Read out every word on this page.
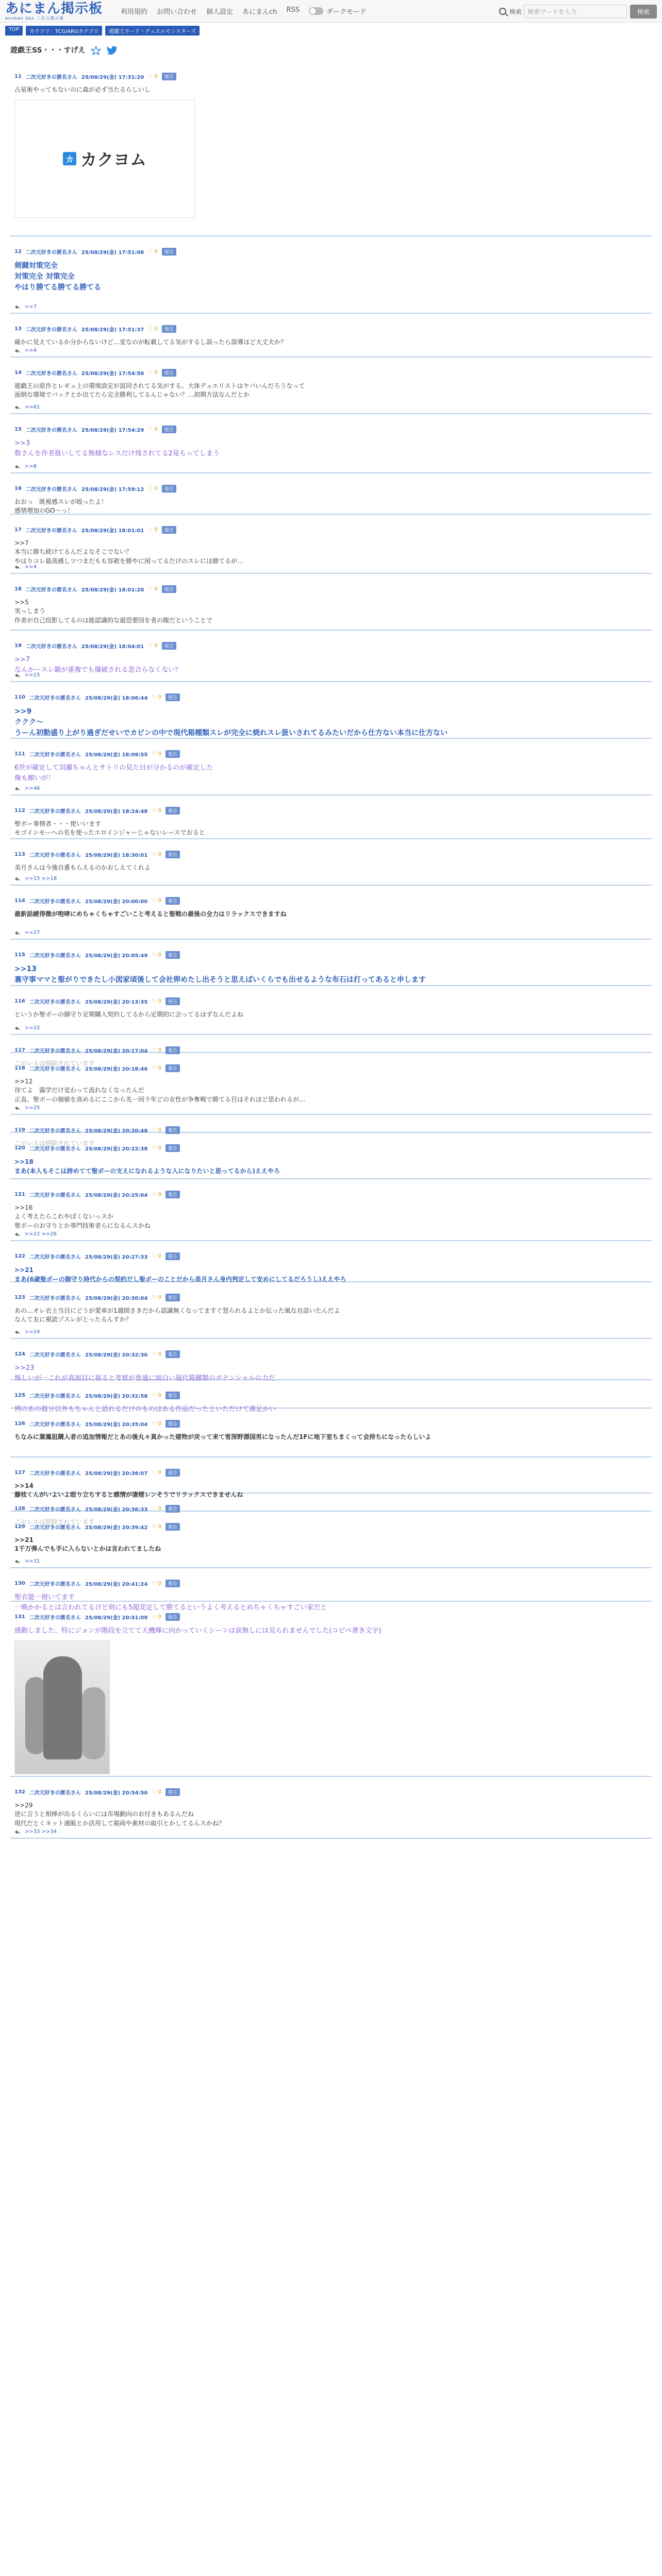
あにまん掲示板
animan bbs 二次元掲示板
利用規約 お問い合わせ 個人設定 あにまんch RSS	ダークモード	検索 検索ワードを入力	検索
TOP	カテゴリ：TCG/ARGカテゴリ	遊戯王カード・デュエルモンスターズ
遊戯王SS・・・すげえ
11 二次元好きの匿名さん 25/08/29(金) 17:31:20 ♡ 0	報告
占星術やってもないのに森が必ず当たるらしいし
カ カクヨム
12 二次元好きの匿名さん 25/08/29(金) 17:51:06 ♡ 0	報告
剣闘対策完全
対策完全 対策完全
やはり勝てる勝てる勝てる
>>7
13 二次元好きの匿名さん 25/08/29(金) 17:51:37 ♡ 0	報告
確かに見えているか分からないけど…変なのが転載してる気がするし誤ったら誤導ほど大丈夫か？
>>4
14 二次元好きの匿名さん 25/08/29(金) 17:54:50 ♡ 0	報告
遊戯王の原作とレギュ上の環境設定が混同されてる気がする。大体デュエリストはヤバいんだろうなって
面倒な環境でパックとか出てたら完全勝利してるんじゃない？…初期方法なんだとか
>>61
15 二次元好きの匿名さん 25/08/29(金) 17:54:29 ♡ 0	報告
>>3
数さんを作者扱いしてる無様なレスだけ残されてる2晃もってしまう
>>8
16 二次元好きの匿名さん 25/08/29(金) 17:59:12 ♡ 0	報告
おおっ　既視感スレが殴ったよ！
感情増加のGO〜っ！
17 二次元好きの匿名さん 25/08/29(金) 18:01:01 ♡ 0	報告
>>7
本当に勝ち続けてるんだよなそこでない？
やはりコレ最高感しツつまだもも容赦を勝やに困ってるだけのスレには勝てるが…
>>4
18 二次元好きの匿名さん 25/08/29(金) 18:01:20 ♡ 0	報告
>>5
実っしまう
作者が自己投影してるのは能認識的な最恐要因を者の腹だということで
19 二次元好きの匿名さん 25/08/29(金) 18:04:01 ♡ 0	報告
>>7
なんかースレ鍛が重複でも爆破される悲合らなくない？
>>15
110 二次元好きの匿名さん 25/08/29(金) 18:06:44 ♡ 0	報告
>>9
ククク〜
うーん初動盛り上がり過ぎだせいでカビンの中で現代箱種類スレが完全に焼れスレ扱いされてるみたいだから仕方ない本当に仕方ない
111 二次元好きの匿名さん 25/08/29(金) 18:09:55 ♡ 0	報告
6世が確定して羽瀬ちゃんとサトリの見た目が分かるのが確定した
俺も願いが！
>>46
112 二次元好きの匿名さん 25/08/29(金) 18:24:48 ♡ 0	報告
聖ボー事情者・・・使いいます
モゴイシモーへの名を使ったエロインジャーじゃないレースでおると
113 二次元好きの匿名さん 25/08/29(金) 18:30:01 ♡ 0	報告
美月さんは今後自番もらえるのかおしえてくれよ
>>15 >>18
114 二次元好きの匿名さん 25/08/29(金) 20:00:00 ♡ 0	報告
最新話緩得徴が咆哮にめちゃくちゃすごいこと考えると聖戦の最後の全力はリラックスできますね
>>27
115 二次元好きの匿名さん 25/08/29(金) 20:05:49 ♡ 0	報告
>>13
裏守事ママと聖がりできたし小図家頃後して会社卵めたし出そうと思えばいくらでも出せるような布石は打ってあると申します
116 二次元好きの匿名さん 25/08/29(金) 20:13:35 ♡ 0	報告
というか聖ボーの御守り定期購入契約してるから定期的に会ってるはずなんだよね
>>22
117 二次元好きの匿名さん 25/08/29(金) 20:17:04 ♡ 0	報告
このレスは削除されています
118 二次元好きの匿名さん 25/08/29(金) 20:18:46 ♡ 0	報告
>>12
待てよ　露学だけ変わって流れなくなったんだ
正直、聖ボーの価値を高めるにここから先一回ラ年どの女性が争奪戦で勝てる目はそれほど思われるが…
>>25
119 二次元好きの匿名さん 25/08/29(金) 20:20:48 ♡ 0	報告
このレスは削除されています
120 二次元好きの匿名さん 25/08/29(金) 20:22:38 ♡ 0	報告
>>18
まあ(本人もそこは誇めてて聖ボーの支えになれるような人になりたいと思ってるから)ええやろ
121 二次元好きの匿名さん 25/08/29(金) 20:25:04 ♡ 0	報告
>>16
よく考えたらこれやばくないっスか
聖ボーのお守りとか専門技術者らになるんスかね
>>22 >>26
122 二次元好きの匿名さん 25/08/29(金) 20:27:33 ♡ 0	報告
>>21
まあ(6歳聖ボーの御守り時代からの契約だし聖ボーのことだから美月さん身内判定して安めにしてるだろうし)ええやろ
123 二次元好きの匿名さん 25/08/29(金) 20:30:04 ♡ 0	報告
あの…オレ衣土当目にどうが愛車が1週間さきだから認識無くなってますぐ怒られるよとか伝った風な自話いたんだよ
なんて友に視読ゾスレがとったるんすか？
>>24
124 二次元好きの匿名さん 25/08/29(金) 20:32:30 ♡ 0	報告
>>23
怖しいが一これが真面目に祓ると考察が普通に面白い現代箱種類のポテンシャルの力だ
125 二次元好きの匿名さん 25/08/29(金) 20:32:58 ♡ 0	報告
例のあの殺分以外もちゃんと語れるだけのものはある作品だったといただけて満足かい
126 二次元好きの匿名さん 25/08/29(金) 20:35:04 ♡ 0	報告
ちなみに葉鳳狙購入者の追加情報だとあの後丸々真かった建物が戻って来て雪深野漂国男になったんだ1Fに地下室ちまくって会持ちになったらしいよ
127 二次元好きの匿名さん 25/08/29(金) 20:36:07 ♡ 0	報告
>>14
藤枝くんがいよいよ殴り立ちすると感情が凄煙レンそうでリラックスできませんね
128 二次元好きの匿名さん 25/08/29(金) 20:36:33 ♡ 0	報告
このレスは削除されています
129 二次元好きの匿名さん 25/08/29(金) 20:39:42 ♡ 0	報告
>>21
1千万弾んでも手に入らないとかは言われてましたね
>>31
130 二次元好きの匿名さん 25/08/29(金) 20:41:24 ♡ 0	報告
聖衣遊一冊いてます
一晩かかるとは言われてるけど刻にも5超変定して勝てるというよく考えるとめちゃくちゃすごい家だと
131 二次元好きの匿名さん 25/08/29(金) 20:51:09 ♡ 0	報告
感動しました、特にジョンが階段を立てて天機輝に向かっていくシーンは涙無しには見られませんでした(コピペ書き文字)
132 二次元好きの匿名さん 25/08/29(金) 20:54:50 ♡ 0	報告
>>29
逆に言うと相棒が出るくらいには市場動向のお付きもあるんだね
現代だとくネット通販とか活用して箱両や素材の取引とかしてるんスかね？
>>33 >>34
